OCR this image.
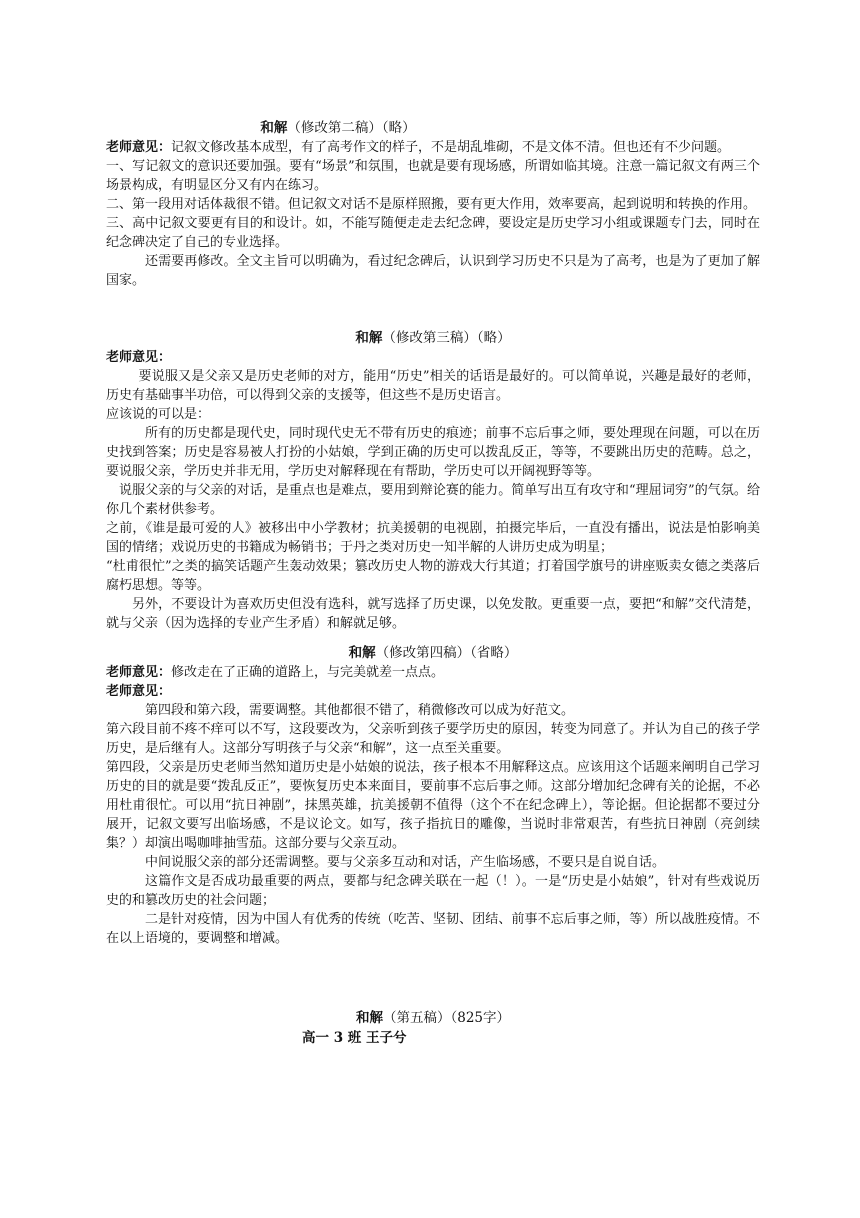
和解（修改第二稿）（略）

老师意见：记叙文修改基本成型，有了高考作文的样子，不是胡乱堆砌，不是文体不清。但也还有不少问题。

一、写记叙文的意识还要加强。要有“场景”和氛围，也就是要有现场感，所谓如临其境。注意一篇记叙文有两三个场景构成，有明显区分又有内在练习。

二、第一段用对话体裁很不错。但记叙文对话不是原样照搬，要有更大作用，效率要高，起到说明和转换的作用。

三、高中记叙文要更有目的和设计。如，不能写随便走走去纪念碑，要设定是历史学习小组或课题专门去，同时在纪念碑决定了自己的专业选择。

还需要再修改。全文主旨可以明确为，看过纪念碑后，认识到学习历史不只是为了高考，也是为了更加了解国家。

和解（修改第三稿）（略）

老师意见：

要说服又是父亲又是历史老师的对方，能用“历史”相关的话语是最好的。可以简单说，兴趣是最好的老师，历史有基础事半功倍，可以得到父亲的支援等，但这些不是历史语言。

应该说的可以是：

所有的历史都是现代史，同时现代史无不带有历史的痕迹；前事不忘后事之师，要处理现在问题，可以在历史找到答案；历史是容易被人打扮的小姑娘，学到正确的历史可以拨乱反正，等等，不要跳出历史的范畴。总之，要说服父亲，学历史并非无用，学历史对解释现在有帮助，学历史可以开阔视野等等。

说服父亲的与父亲的对话，是重点也是难点，要用到辩论赛的能力。简单写出互有攻守和“理屈词穷”的气氛。给你几个素材供参考。

之前，《谁是最可爱的人》被移出中小学教材；抗美援朝的电视剧，拍摄完毕后，一直没有播出，说法是怕影响美国的情绪；戏说历史的书籍成为畅销书；于丹之类对历史一知半解的人讲历史成为明星；

“杜甫很忙”之类的搞笑话题产生轰动效果；篡改历史人物的游戏大行其道；打着国学旗号的讲座贩卖女德之类落后腐朽思想。等等。

另外，不要设计为喜欢历史但没有选科，就写选择了历史课，以免发散。更重要一点，要把“和解”交代清楚，就与父亲（因为选择的专业产生矛盾）和解就足够。

和解（修改第四稿）（省略）

老师意见：修改走在了正确的道路上，与完美就差一点点。

老师意见：

第四段和第六段，需要调整。其他都很不错了，稍微修改可以成为好范文。

第六段目前不疼不痒可以不写，这段要改为，父亲听到孩子要学历史的原因，转变为同意了。并认为自己的孩子学历史，是后继有人。这部分写明孩子与父亲“和解”，这一点至关重要。

第四段，父亲是历史老师当然知道历史是小姑娘的说法，孩子根本不用解释这点。应该用这个话题来阐明自己学习历史的目的就是要“拨乱反正”，要恢复历史本来面目，要前事不忘后事之师。这部分增加纪念碑有关的论据，不必用杜甫很忙。可以用“抗日神剧”，抹黑英雄，抗美援朝不值得（这个不在纪念碑上），等论据。但论据都不要过分展开，记叙文要写出临场感，不是议论文。如写，孩子指抗日的雕像，当说时非常艰苦，有些抗日神剧（亮剑续集？）却演出喝咖啡抽雪茄。这部分要与父亲互动。

中间说服父亲的部分还需调整。要与父亲多互动和对话，产生临场感，不要只是自说自话。

这篇作文是否成功最重要的两点，要都与纪念碑关联在一起（！）。一是“历史是小姑娘”，针对有些戏说历史的和篡改历史的社会问题；

二是针对疫情，因为中国人有优秀的传统（吃苦、坚韧、团结、前事不忘后事之师，等）所以战胜疫情。不在以上语境的，要调整和增减。

和解（第五稿）（825字）

高一 3 班 王子兮
